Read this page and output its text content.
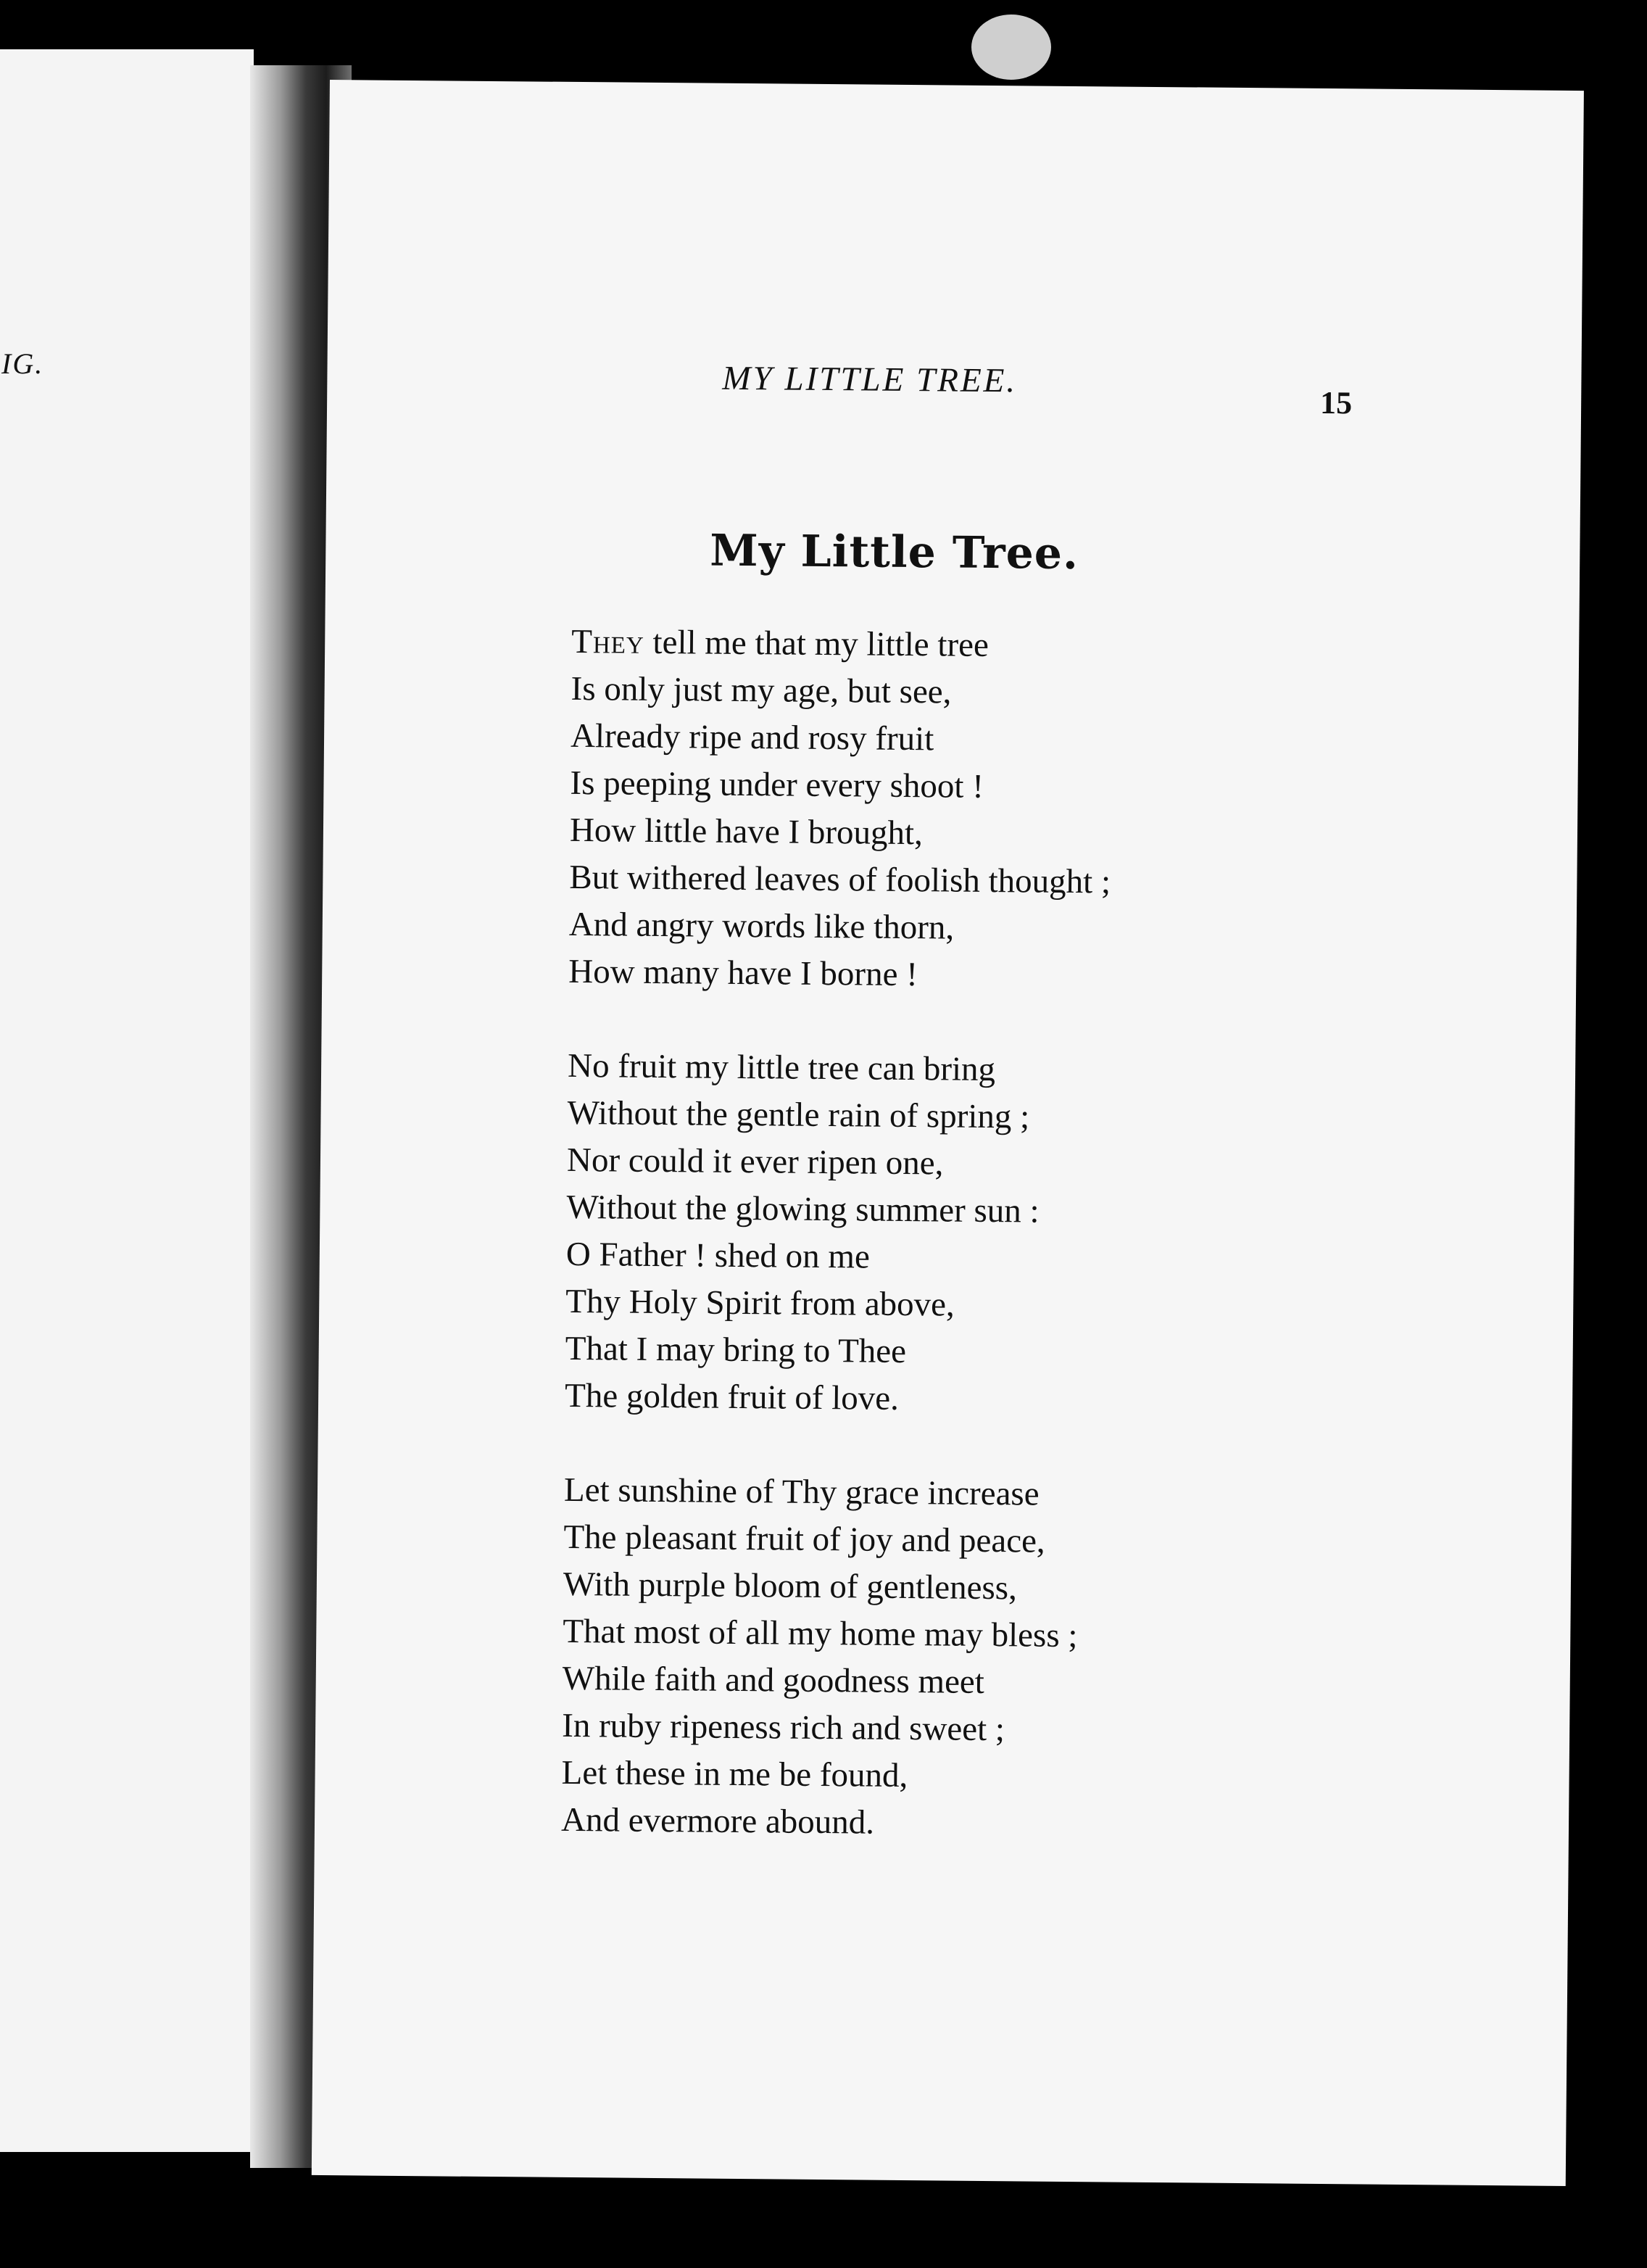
IG.	MY LITTLE TREE.
15
My Little Tree.
They tell me that my little tree
Is only just my age, but see,
Already ripe and rosy fruit
Is peeping under every shoot !
How little have I brought,
But withered leaves of foolish thought ;
And angry words like thorn,
How many have I borne !
No fruit my little tree can bring
Without the gentle rain of spring ;
Nor could it ever ripen one,
Without the glowing summer sun :
O Father ! shed on me
Thy Holy Spirit from above,
That I may bring to Thee
The golden fruit of love.
Let sunshine of Thy grace increase
The pleasant fruit of joy and peace,
With purple bloom of gentleness,
That most of all my home may bless ;
While faith and goodness meet
In ruby ripeness rich and sweet ;
Let these in me be found,
And evermore abound.
